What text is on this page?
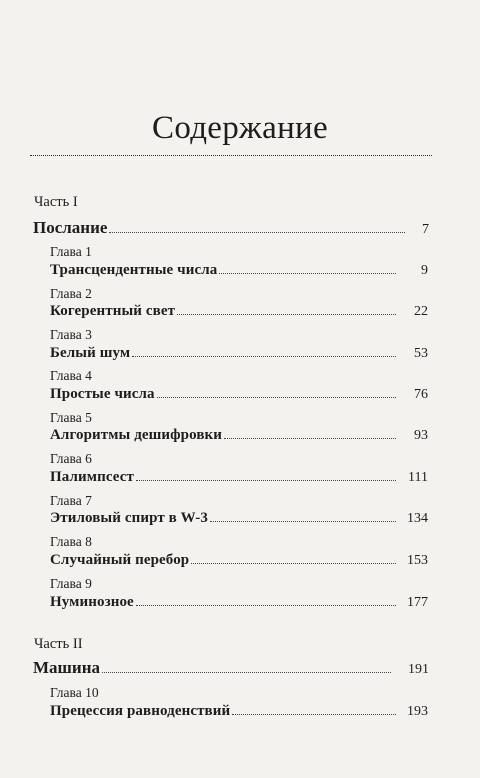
Содержание
Часть I
Послание	7
Глава 1
Трансцендентные числа	9
Глава 2
Когерентный свет	22
Глава 3
Белый шум	53
Глава 4
Простые числа	76
Глава 5
Алгоритмы дешифровки	93
Глава 6
Палимпсест	111
Глава 7
Этиловый спирт в W-3	134
Глава 8
Случайный перебор	153
Глава 9
Нуминозное	177
Часть II
Машина	191
Глава 10
Прецессия равноденствий	193
